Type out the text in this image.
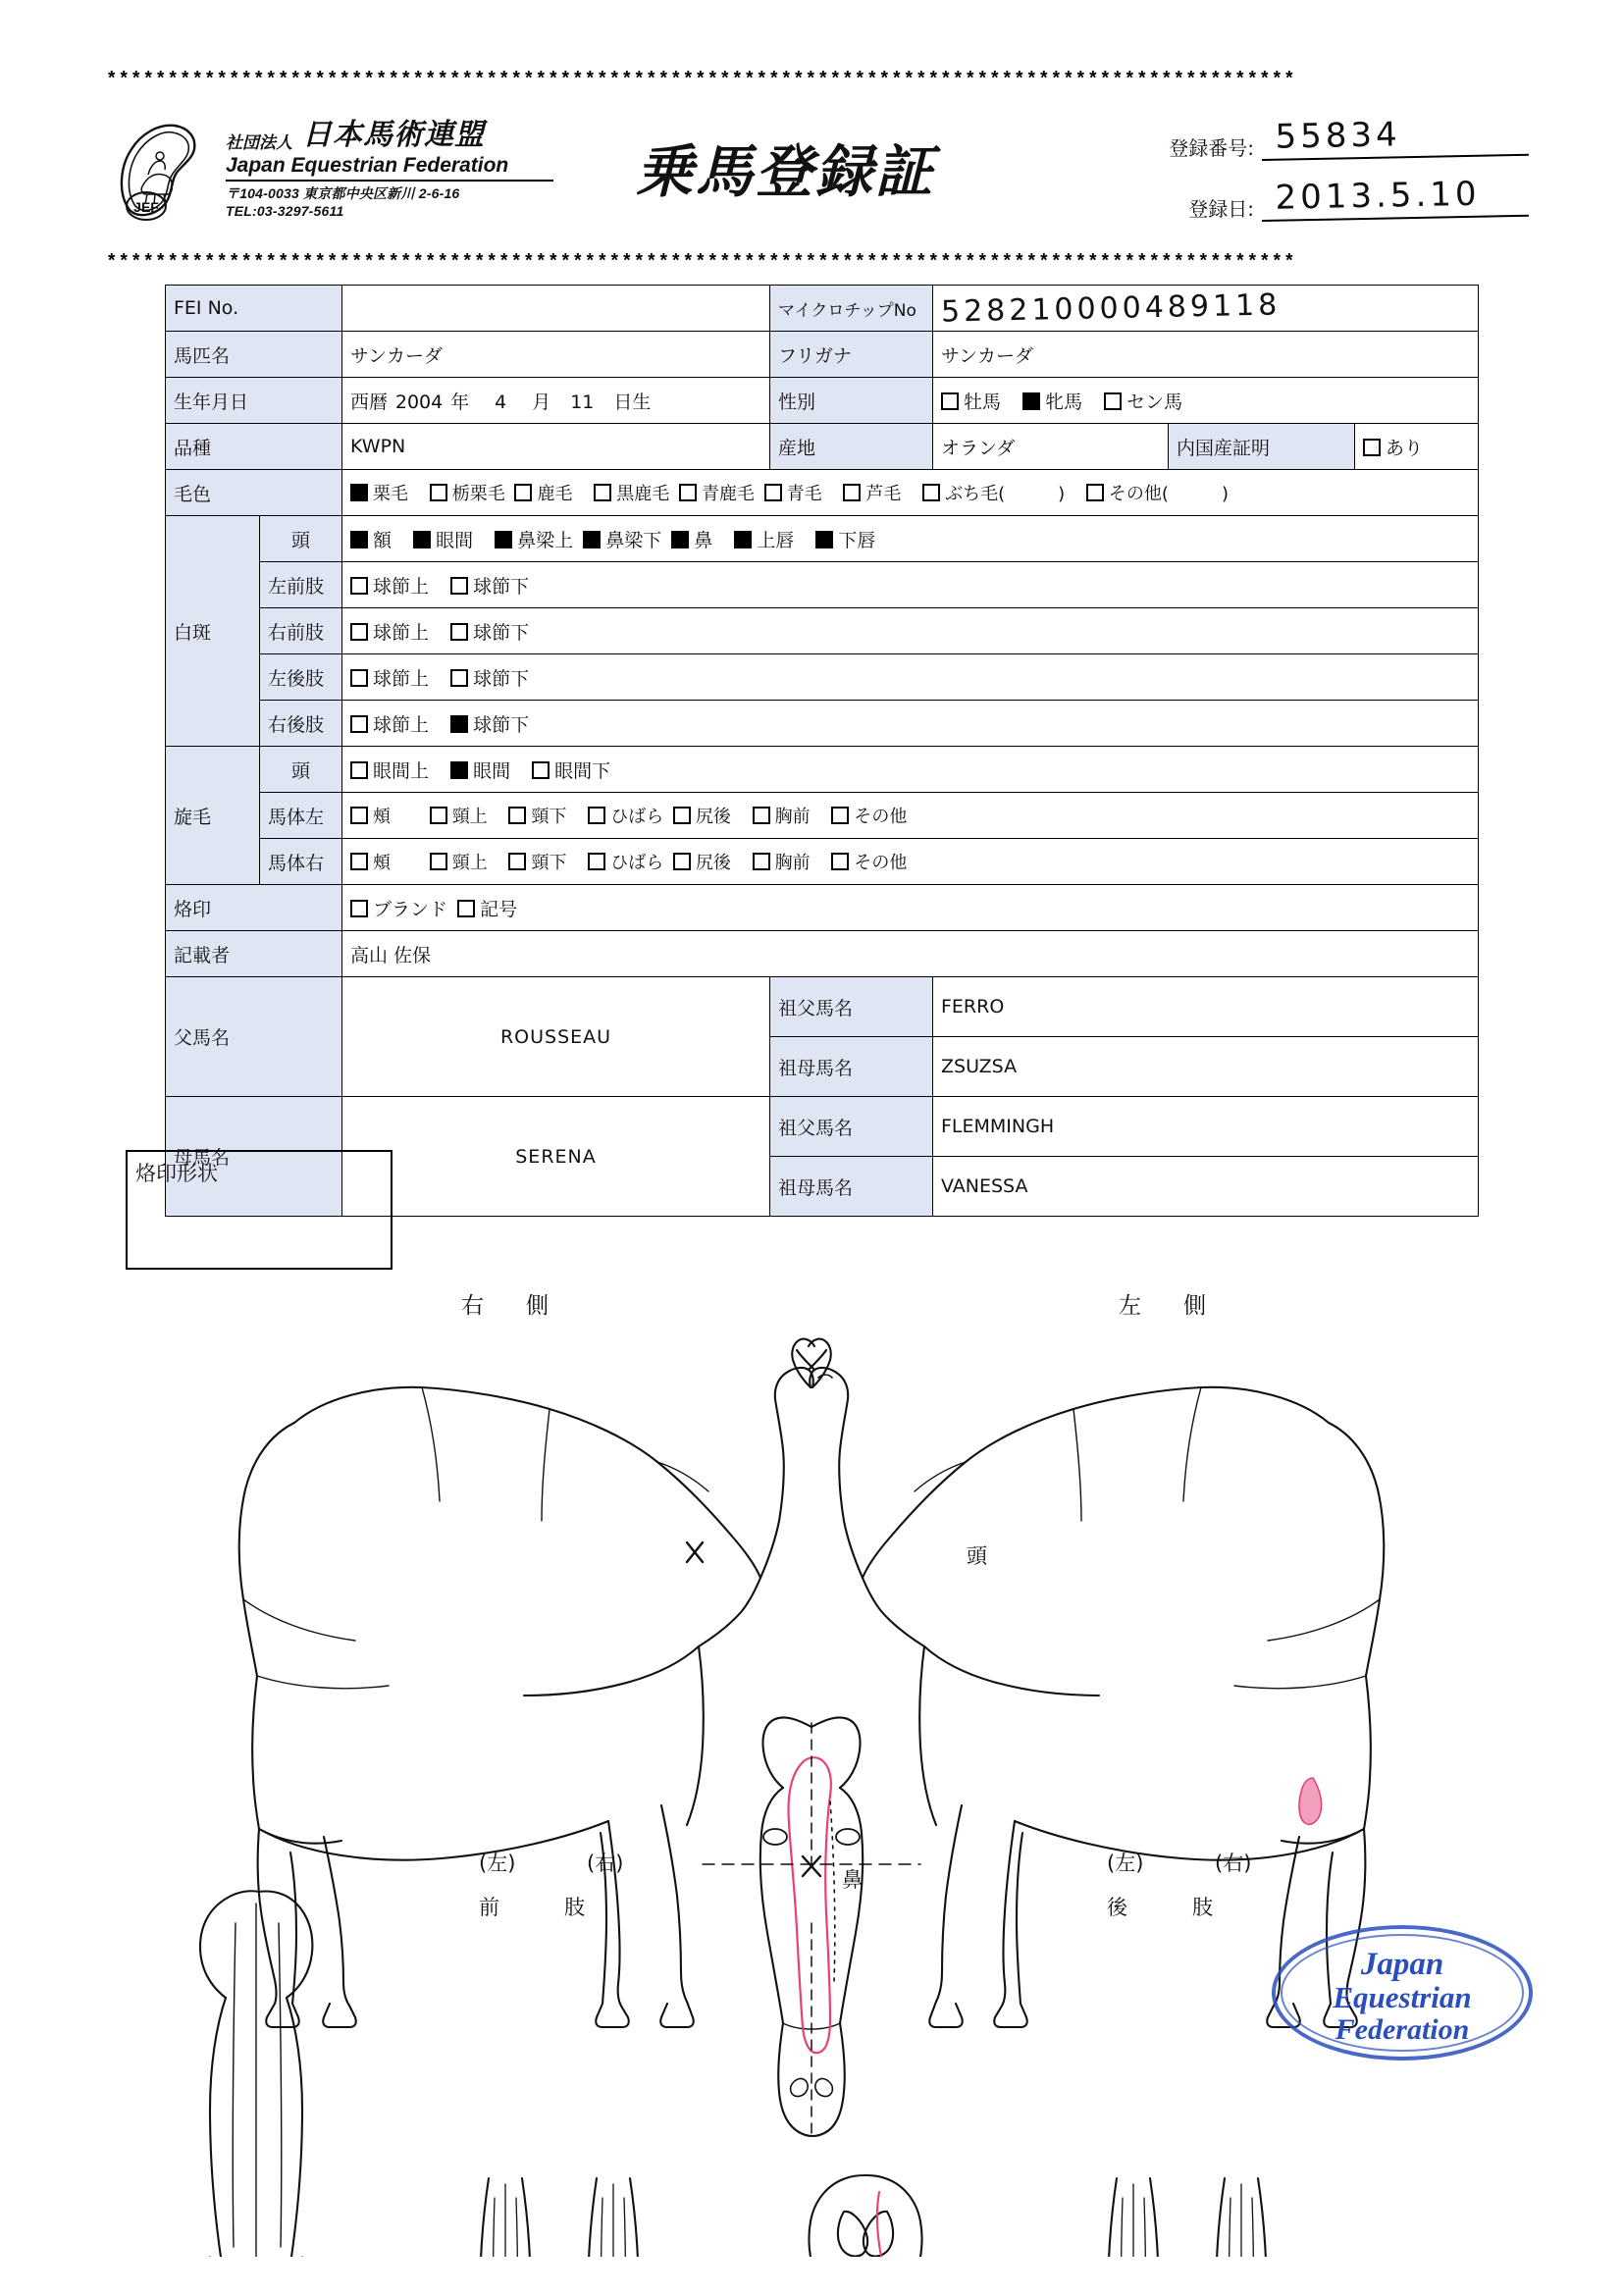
*************************************************************************************************
JEF
社団法人 日本馬術連盟
Japan Equestrian Federation
〒104-0033 東京都中央区新川 2-6-16
TEL:03-3297-5611
乗馬登録証	登録番号: 55834
登録日: 2013.5.10
*************************************************************************************************
FEI No.			マイクロチップNo	528210000489118		
馬匹名		サンカーダ	フリガナ	サンカーダ		
生年月日		西暦 2004 年 4 月 11 日生	性別	牡馬 牝馬 セン馬		
品種		KWPN	産地	オランダ	内国産証明	あり
毛色		栗毛 栃栗毛 鹿毛 黒鹿毛 青鹿毛 青毛 芦毛 ぶち毛(　　　) その他(　　　)				
白斑	頭	額 眼間 鼻梁上 鼻梁下 鼻 上唇 下唇				
	左前肢	球節上 球節下				
	右前肢	球節上 球節下				
	左後肢	球節上 球節下				
	右後肢	球節上 球節下				
旋毛	頭	眼間上 眼間 眼間下				
	馬体左	頰 頸上 頸下 ひばら 尻後 胸前 その他				
	馬体右	頰 頸上 頸下 ひばら 尻後 胸前 その他				
烙印		ブランド 記号				
記載者		高山 佐保				
父馬名		ROUSSEAU	祖父馬名	FERRO		
			祖母馬名	ZSUZSA		
母馬名		SERENA	祖父馬名	FLEMMINGH		
			祖母馬名	VANESSA		
烙印形状
右　側	左　側
頭
鼻
(左)	(右)
前　　肢
(左)	(右)
後　　肢
Japan
Equestrian
Federation
